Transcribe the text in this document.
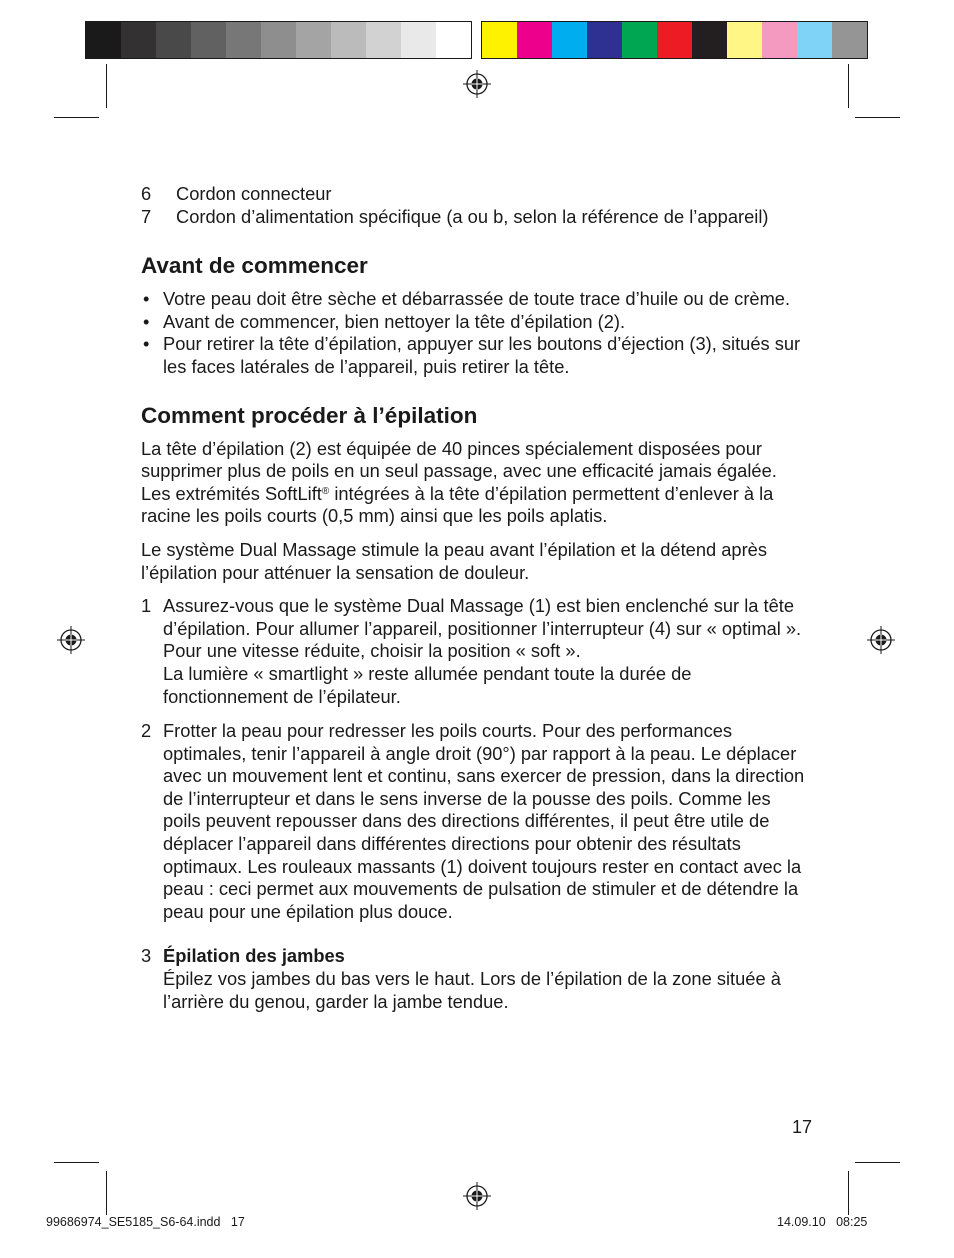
6 Cordon connecteur
7 Cordon d’alimentation spécifique (a ou b, selon la référence de l’appareil)
Avant de commencer
• Votre peau doit être sèche et débarrassée de toute trace d’huile ou de crème.
• Avant de commencer, bien nettoyer la tête d’épilation (2).
• Pour retirer la tête d’épilation, appuyer sur les boutons d’éjection (3), situés sur les faces latérales de l’appareil, puis retirer la tête.
Comment procéder à l’épilation

La tête d’épilation (2) est équipée de 40 pinces spécialement disposées pour supprimer plus de poils en un seul passage, avec une efficacité jamais égalée. Les extrémités SoftLift® intégrées à la tête d’épilation permettent d’enlever à la racine les poils courts (0,5 mm) ainsi que les poils aplatis.

Le système Dual Massage stimule la peau avant l’épilation et la détend après l’épilation pour atténuer la sensation de douleur.

1 Assurez-vous que le système Dual Massage (1) est bien enclenché sur la tête d’épilation. Pour allumer l’appareil, positionner l’interrupteur (4) sur « optimal ». Pour une vitesse réduite, choisir la position « soft ».
La lumière « smartlight » reste allumée pendant toute la durée de fonctionnement de l’épilateur.
2 Frotter la peau pour redresser les poils courts. Pour des performances optimales, tenir l’appareil à angle droit (90°) par rapport à la peau. Le déplacer avec un mouvement lent et continu, sans exercer de pression, dans la direction de l’interrupteur et dans le sens inverse de la pousse des poils. Comme les poils peuvent repousser dans des directions différentes, il peut être utile de déplacer l’appareil dans différentes directions pour obtenir des résultats optimaux. Les rouleaux massants (1) doivent toujours rester en contact avec la peau : ceci permet aux mouvements de pulsation de stimuler et de détendre la peau pour une épilation plus douce.
3 Épilation des jambes
Épilez vos jambes du bas vers le haut. Lors de l’épilation de la zone située à l’arrière du genou, garder la jambe tendue.
17
99686974_SE5185_S6-64.indd   17	14.09.10   08:25
